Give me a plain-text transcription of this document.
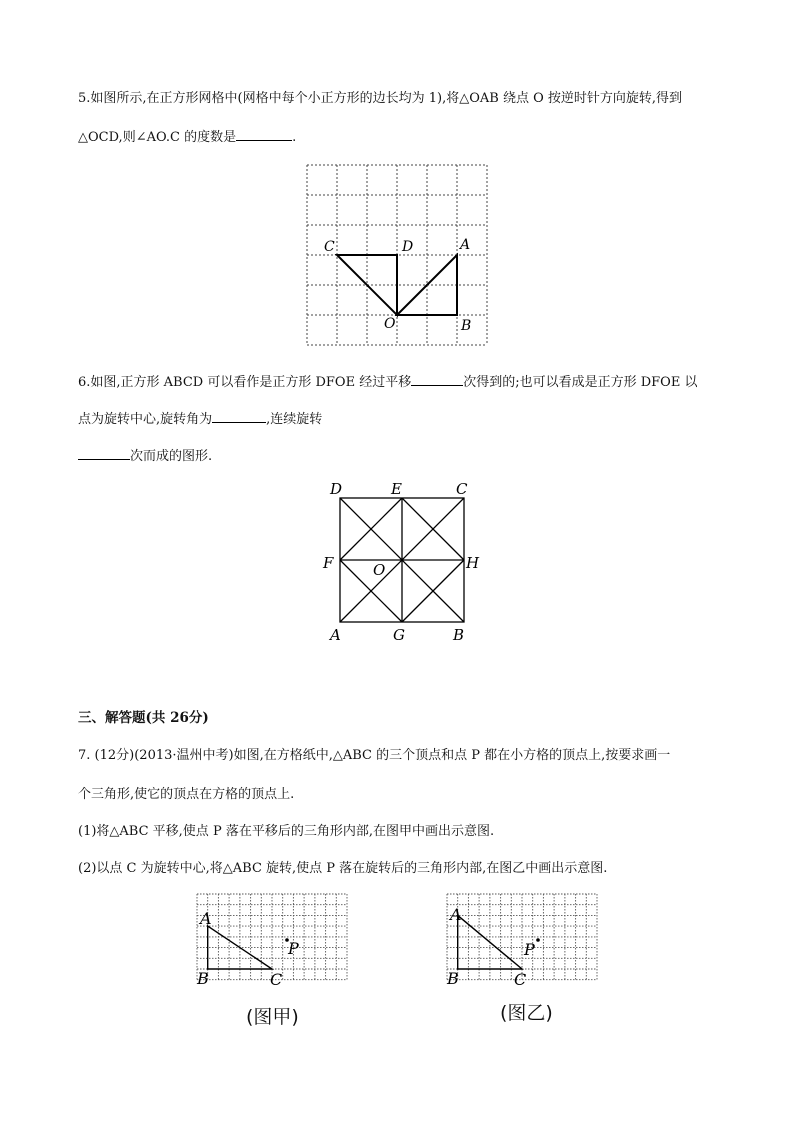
5.如图所示,在正方形网格中(网格中每个小正方形的边长均为 1),将△OAB 绕点 O 按逆时针方向旋转,得到
△OCD,则∠AO.C 的度数是	.
C	D	A
O	B
6.如图,正方形 ABCD 可以看作是正方形 DFOE 经过平移	次得到的;也可以看成是正方形 DFOE 以
点为旋转中心,旋转角为	,连续旋转
次而成的图形.
D	E	C
F	O	H
A	G	B
三、解答题(共 26分)
7. (12分)(2013·温州中考)如图,在方格纸中,△ABC 的三个顶点和点 P 都在小方格的顶点上,按要求画一
个三角形,使它的顶点在方格的顶点上.
(1)将△ABC 平移,使点 P 落在平移后的三角形内部,在图甲中画出示意图.
(2)以点 C 为旋转中心,将△ABC 旋转,使点 P 落在旋转后的三角形内部,在图乙中画出示意图.
A
B	C
P
(图甲)
A
B	C
P
(图乙)
